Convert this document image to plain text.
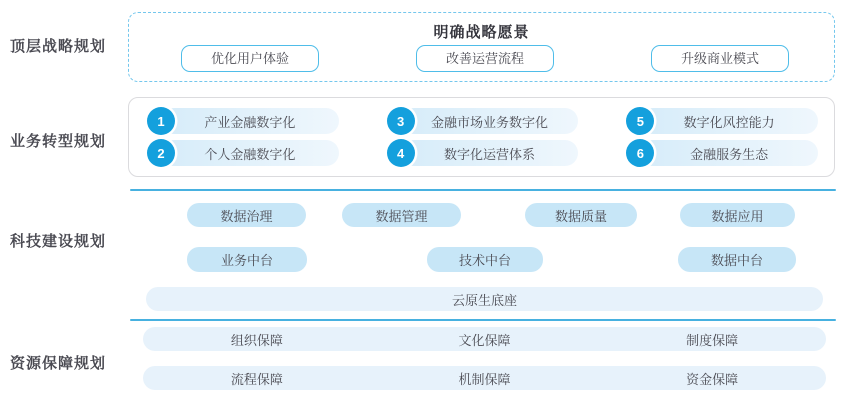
顶层战略规划
业务转型规划
科技建设规划
资源保障规划
明确战略愿景
优化用户体验	改善运营流程	升级商业模式
1	产业金融数字化
2	个人金融数字化
3	金融市场业务数字化
4	数字化运营体系
5	数字化风控能力
6	金融服务生态
数据治理	数据管理	数据质量	数据应用
业务中台	技术中台	数据中台
云原生底座
组织保障	文化保障	制度保障
流程保障	机制保障	资金保障
